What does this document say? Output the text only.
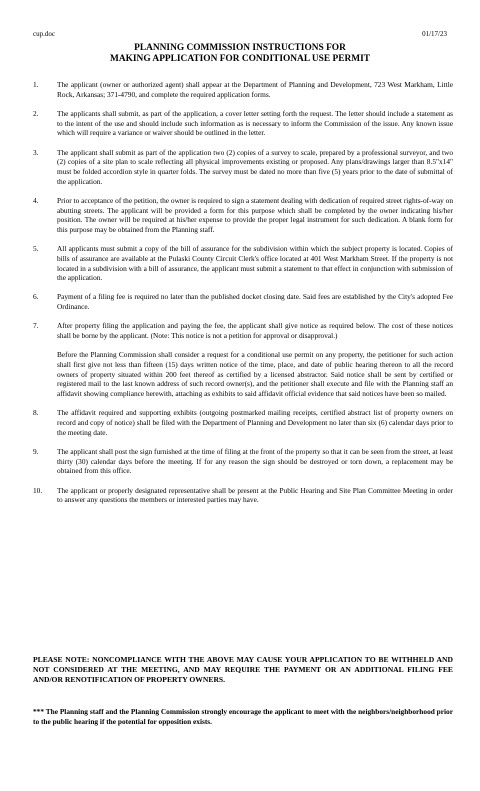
cup.doc	01/17/23
PLANNING COMMISSION INSTRUCTIONS FOR
MAKING APPLICATION FOR CONDITIONAL USE PERMIT
1.	The applicant (owner or authorized agent) shall appear at the Department of Planning and Development, 723 West Markham, Little Rock, Arkansas; 371-4790, and complete the required application forms.

2.	The applicants shall submit, as part of the application, a cover letter setting forth the request. The letter should include a statement as to the intent of the use and should include such information as is necessary to inform the Commission of the issue. Any known issue which will require a variance or waiver should be outlined in the letter.

3.	The applicant shall submit as part of the application two (2) copies of a survey to scale, prepared by a professional surveyor, and two (2) copies of a site plan to scale reflecting all physical improvements existing or proposed. Any plans/drawings larger than 8.5"x14" must be folded accordion style in quarter folds. The survey must be dated no more than five (5) years prior to the date of submittal of the application.

4.	Prior to acceptance of the petition, the owner is required to sign a statement dealing with dedication of required street rights-of-way on abutting streets. The applicant will be provided a form for this purpose which shall be completed by the owner indicating his/her position. The owner will be required at his/her expense to provide the proper legal instrument for such dedication. A blank form for this purpose may be obtained from the Planning staff.

5.	All applicants must submit a copy of the bill of assurance for the subdivision within which the subject property is located. Copies of bills of assurance are available at the Pulaski County Circuit Clerk's office located at 401 West Markham Street. If the property is not located in a subdivision with a bill of assurance, the applicant must submit a statement to that effect in conjunction with submission of the application.

6.	Payment of a filing fee is required no later than the published docket closing date. Said fees are established by the City's adopted Fee Ordinance.

7.	After property filing the application and paying the fee, the applicant shall give notice as required below. The cost of these notices shall be borne by the applicant. (Note: This notice is not a petition for approval or disapproval.)

Before the Planning Commission shall consider a request for a conditional use permit on any property, the petitioner for such action shall first give not less than fifteen (15) days written notice of the time, place, and date of public hearing thereon to all the record owners of property situated within 200 feet thereof as certified by a licensed abstractor. Said notice shall be sent by certified or registered mail to the last known address of such record owner(s), and the petitioner shall execute and file with the Planning staff an affidavit showing compliance herewith, attaching as exhibits to said affidavit official evidence that said notices have been so mailed.

8.	The affidavit required and supporting exhibits (outgoing postmarked mailing receipts, certified abstract list of property owners on record and copy of notice) shall be filed with the Department of Planning and Development no later than six (6) calendar days prior to the meeting date.

9.	The applicant shall post the sign furnished at the time of filing at the front of the property so that it can be seen from the street, at least thirty (30) calendar days before the meeting. If for any reason the sign should be destroyed or torn down, a replacement may be obtained from this office.

10.	The applicant or properly designated representative shall be present at the Public Hearing and Site Plan Committee Meeting in order to answer any questions the members or interested parties may have.

PLEASE NOTE: NONCOMPLIANCE WITH THE ABOVE MAY CAUSE YOUR APPLICATION TO BE WITHHELD AND NOT CONSIDERED AT THE MEETING, AND MAY REQUIRE THE PAYMENT OR AN ADDITIONAL FILING FEE AND/OR RENOTIFICATION OF PROPERTY OWNERS.
*** The Planning staff and the Planning Commission strongly encourage the applicant to meet with the neighbors/neighborhood prior to the public hearing if the potential for opposition exists.
